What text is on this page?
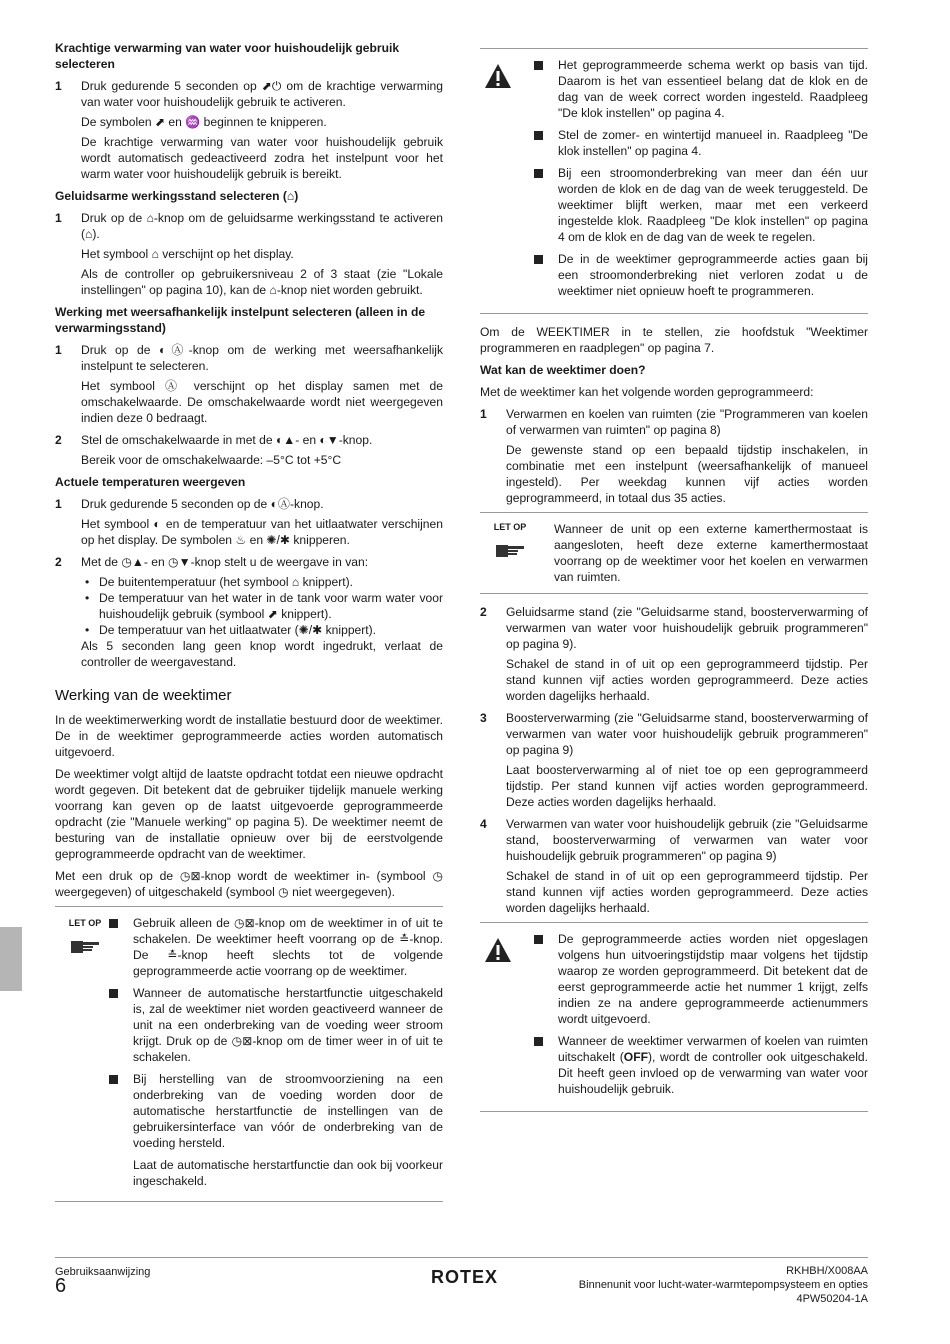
Krachtige verwarming van water voor huishoudelijk gebruik selecteren
1 Druk gedurende 5 seconden op ⬈⏻ om de krachtige verwarming van water voor huishoudelijk gebruik te activeren.

De symbolen ⬈ en ♒ beginnen te knipperen.

De krachtige verwarming van water voor huishoudelijk gebruik wordt automatisch gedeactiveerd zodra het instelpunt voor het warm water voor huishoudelijk gebruik is bereikt.

Geluidsarme werkingsstand selecteren (⌂)
1 Druk op de ⌂-knop om de geluidsarme werkingsstand te activeren (⌂).

Het symbool ⌂ verschijnt op het display.

Als de controller op gebruikersniveau 2 of 3 staat (zie "Lokale instellingen" op pagina 10), kan de ⌂-knop niet worden gebruikt.

Werking met weersafhankelijk instelpunt selecteren (alleen in de verwarmingsstand)
1 Druk op de ◐Ⓐ-knop om de werking met weersafhankelijk instelpunt te selecteren.

Het symbool Ⓐ verschijnt op het display samen met de omschakelwaarde. De omschakelwaarde wordt niet weergegeven indien deze 0 bedraagt.

2 Stel de omschakelwaarde in met de ◐▲- en ◐▼-knop.

Bereik voor de omschakelwaarde: –5°C tot +5°C

Actuele temperaturen weergeven
1 Druk gedurende 5 seconden op de ◐Ⓐ-knop.

Het symbool ◐ en de temperatuur van het uitlaatwater verschijnen op het display. De symbolen ♨ en ✺/✱ knipperen.

2 Met de ◷▲- en ◷▼-knop stelt u de weergave in van:

• De buitentemperatuur (het symbool ⌂ knippert).
• De temperatuur van het water in de tank voor warm water voor huishoudelijk gebruik (symbool ⬈ knippert).
• De temperatuur van het uitlaatwater (✺/✱ knippert).

Als 5 seconden lang geen knop wordt ingedrukt, verlaat de controller de weergavestand.

Werking van de weektimer

In de weektimerwerking wordt de installatie bestuurd door de weektimer. De in de weektimer geprogrammeerde acties worden automatisch uitgevoerd.

De weektimer volgt altijd de laatste opdracht totdat een nieuwe opdracht wordt gegeven. Dit betekent dat de gebruiker tijdelijk manuele werking voorrang kan geven op de laatst uitgevoerde geprogrammeerde opdracht (zie "Manuele werking" op pagina 5). De weektimer neemt de besturing van de installatie opnieuw over bij de eerstvolgende geprogrammeerde opdracht van de weektimer.

Met een druk op de ◷⊠-knop wordt de weektimer in- (symbool ◷ weergegeven) of uitgeschakeld (symbool ◷ niet weergegeven).

LET OP	Gebruik alleen de ◷⊠-knop om de weektimer in of uit te schakelen. De weektimer heeft voorrang op de ≛-knop. De ≛-knop heeft slechts tot de volgende geprogrammeerde actie voorrang op de weektimer.
Wanneer de automatische herstartfunctie uitgeschakeld is, zal de weektimer niet worden geactiveerd wanneer de unit na een onderbreking van de voeding weer stroom krijgt. Druk op de ◷⊠-knop om de timer weer in of uit te schakelen.
Bij herstelling van de stroomvoorziening na een onderbreking van de voeding worden door de automatische herstartfunctie de instellingen van de gebruikersinterface van vóór de onderbreking van de voeding hersteld.

Laat de automatische herstartfunctie dan ook bij voorkeur ingeschakeld.

Het geprogrammeerde schema werkt op basis van tijd. Daarom is het van essentieel belang dat de klok en de dag van de week correct worden ingesteld. Raadpleeg "De klok instellen" op pagina 4.
Stel de zomer- en wintertijd manueel in. Raadpleeg "De klok instellen" op pagina 4.
Bij een stroomonderbreking van meer dan één uur worden de klok en de dag van de week teruggesteld. De weektimer blijft werken, maar met een verkeerd ingestelde klok. Raadpleeg "De klok instellen" op pagina 4 om de klok en de dag van de week te regelen.
De in de weektimer geprogrammeerde acties gaan bij een stroomonderbreking niet verloren zodat u de weektimer niet opnieuw hoeft te programmeren.

Om de WEEKTIMER in te stellen, zie hoofdstuk "Weektimer programmeren en raadplegen" op pagina 7.

Wat kan de weektimer doen?

Met de weektimer kan het volgende worden geprogrammeerd:

1 Verwarmen en koelen van ruimten (zie "Programmeren van koelen of verwarmen van ruimten" op pagina 8)

De gewenste stand op een bepaald tijdstip inschakelen, in combinatie met een instelpunt (weersafhankelijk of manueel ingesteld). Per weekdag kunnen vijf acties worden geprogrammeerd, in totaal dus 35 acties.

LET OP	Wanneer de unit op een externe kamerthermostaat is aangesloten, heeft deze externe kamerthermostaat voorrang op de weektimer voor het koelen en verwarmen van ruimten.

2 Geluidsarme stand (zie "Geluidsarme stand, boosterverwarming of verwarmen van water voor huishoudelijk gebruik programmeren" op pagina 9).

Schakel de stand in of uit op een geprogrammeerd tijdstip. Per stand kunnen vijf acties worden geprogrammeerd. Deze acties worden dagelijks herhaald.

3 Boosterverwarming (zie "Geluidsarme stand, boosterverwarming of verwarmen van water voor huishoudelijk gebruik programmeren" op pagina 9)

Laat boosterverwarming al of niet toe op een geprogrammeerd tijdstip. Per stand kunnen vijf acties worden geprogrammeerd. Deze acties worden dagelijks herhaald.

4 Verwarmen van water voor huishoudelijk gebruik (zie "Geluidsarme stand, boosterverwarming of verwarmen van water voor huishoudelijk gebruik programmeren" op pagina 9)

Schakel de stand in of uit op een geprogrammeerd tijdstip. Per stand kunnen vijf acties worden geprogrammeerd. Deze acties worden dagelijks herhaald.

De geprogrammeerde acties worden niet opgeslagen volgens hun uitvoeringstijdstip maar volgens het tijdstip waarop ze worden geprogrammeerd. Dit betekent dat de eerst geprogrammeerde actie het nummer 1 krijgt, zelfs indien ze na andere geprogrammeerde actienummers wordt uitgevoerd.
Wanneer de weektimer verwarmen of koelen van ruimten uitschakelt (OFF), wordt de controller ook uitgeschakeld. Dit heeft geen invloed op de verwarming van water voor huishoudelijk gebruik.
Gebruiksaanwijzing
6	ROTEX	RKHBH/X008AA
Binnenunit voor lucht-water-warmtepompsysteem en opties
4PW50204-1A
